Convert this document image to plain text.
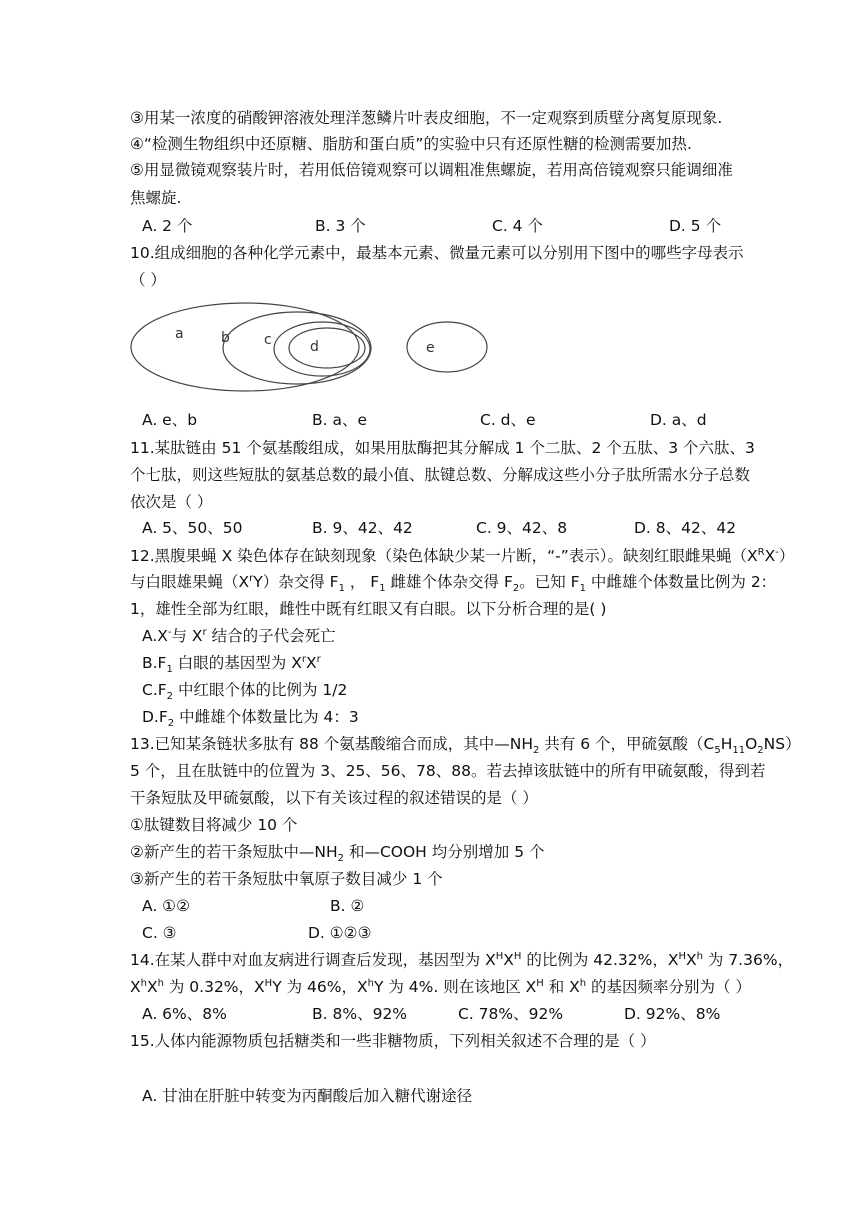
③用某一浓度的硝酸钾溶液处理洋葱鳞片叶表皮细胞，不一定观察到质壁分离复原现象.
④“检测生物组织中还原糖、脂肪和蛋白质”的实验中只有还原性糖的检测需要加热.
⑤用显微镜观察装片时，若用低倍镜观察可以调粗准焦螺旋，若用高倍镜观察只能调细准
焦螺旋.
A. 2 个	B. 3 个	C. 4 个	D. 5 个
10.组成细胞的各种化学元素中，最基本元素、微量元素可以分别用下图中的哪些字母表示
（ ）
a	b c	d	e
A. e、b	B. a、e	C. d、e	D. a、d
11.某肽链由 51 个氨基酸组成，如果用肽酶把其分解成 1 个二肽、2 个五肽、3 个六肽、3
个七肽，则这些短肽的氨基总数的最小值、肽键总数、分解成这些小分子肽所需水分子总数
依次是（ ）
A. 5、50、50	B. 9、42、42	C. 9、42、8	D. 8、42、42
12.黑腹果蝇 X 染色体存在缺刻现象（染色体缺少某一片断，“-”表示）。缺刻红眼雌果蝇$(X^RX^-)$
与白眼雄果蝇$(X^rY)$杂交得 $F_1$ ， $F_1$ 雌雄个体杂交得 $F_2$。已知 $F_1$ 中雌雄个体数量比例为 2：
1，雄性全部为红眼，雌性中既有红眼又有白眼。以下分析合理的是( )
A.X-与 $X^r$ 结合的子代会死亡
$B.F_1$ 白眼的基因型为 $X^rX^r$
$C.F_2$ 中红眼个体的比例为 1/2
$D.F_2$ 中雌雄个体数量比为 4：3
13.已知某条链状多肽有 88 个氨基酸缩合而成，其中$—NH_2$ 共有 6 个，甲硫氨酸$(C_5H_{11}O_2NS)$
5 个，且在肽链中的位置为 3、25、56、78、88。若去掉该肽链中的所有甲硫氨酸，得到若
干条短肽及甲硫氨酸，以下有关该过程的叙述错误的是（ ）
①肽键数目将减少 10 个
②新产生的若干条短肽中$—NH_2$ 和—COOH 均分别增加 5 个
③新产生的若干条短肽中氧原子数目减少 1 个
A. ①②	B. ②
C. ③	D. ①②③
14.在某人群中对血友病进行调查后发现，基因型为 $X^HX^H$ 的比例为 42.32%，$X^HX^h$ 为 7.36%，
$X^hX^h$ 为 0.32%，$X^HY$ 为 46%，$X^hY$ 为 4%. 则在该地区 $X^H$ 和 $X^h$ 的基因频率分别为（ ）
A. 6%、8%	B. 8%、92%	C. 78%、92%	D. 92%、8%
15.人体内能源物质包括糖类和一些非糖物质，下列相关叙述不合理的是（ ）
A. 甘油在肝脏中转变为丙酮酸后加入糖代谢途径
